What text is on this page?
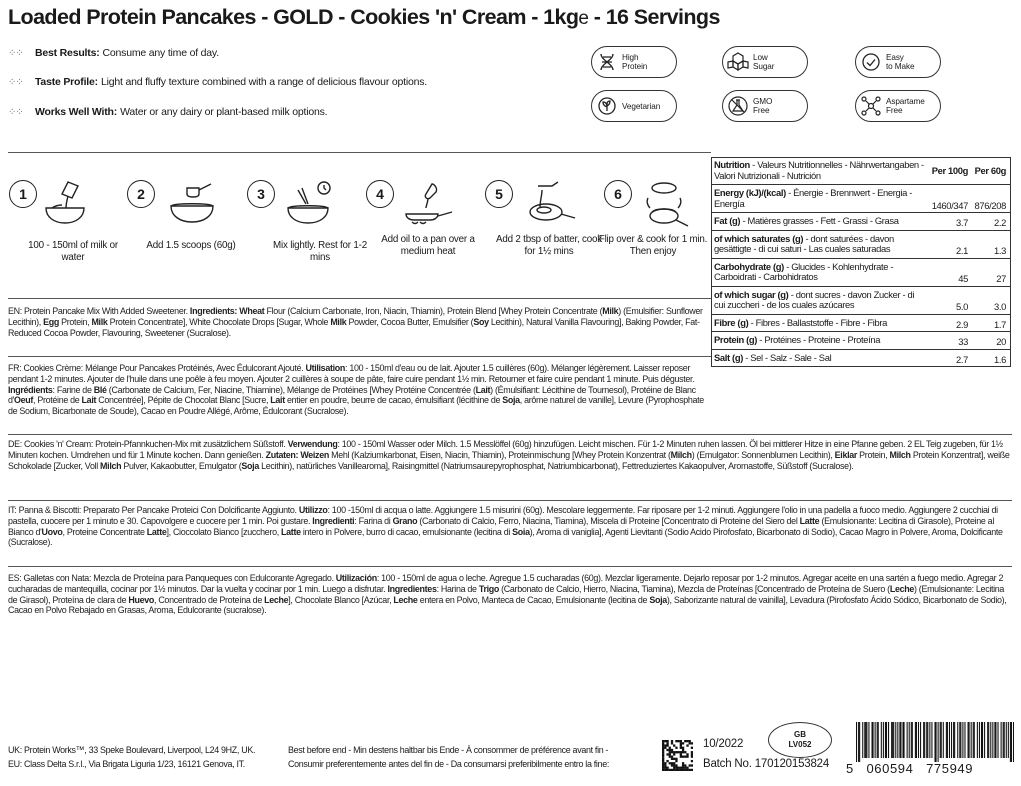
Loaded Protein Pancakes - GOLD - Cookies 'n' Cream - 1kge - 16 Servings
⁘⁘	Best Results: Consume any time of day.
⁘⁘	Taste Profile: Light and fluffy texture combined with a range of delicious flavour options.
⁘⁘	Works Well With: Water or any dairy or plant-based milk options.
High
Protein
Low
Sugar
Easy
to Make
Vegetarian	GMO
Free
Aspartame
Free
1
100 - 150ml of milk or water
2
Add 1.5 scoops (60g)
3
Mix lightly. Rest for 1-2 mins
4
Add oil to a pan over a medium heat
5
Add 2 tbsp of batter, cook for 1½ mins
6
Flip over & cook for 1 min. Then enjoy
EN: Protein Pancake Mix With Added Sweetener. Ingredients: Wheat Flour (Calcium Carbonate, Iron, Niacin, Thiamin), Protein Blend [Whey Protein Concentrate (Milk) (Emulsifier: Sunflower Lecithin), Egg Protein, Milk Protein Concentrate], White Chocolate Drops [Sugar, Whole Milk Powder, Cocoa Butter, Emulsifier (Soy Lecithin), Natural Vanilla Flavouring], Baking Powder, Fat-Reduced Cocoa Powder, Flavouring, Sweetener (Sucralose).
FR: Cookies Crème: Mélange Pour Pancakes Protéinés, Avec Édulcorant Ajouté. Utilisation: 100 - 150ml d'eau ou de lait. Ajouter 1.5 cuillères (60g). Mélanger légèrement. Laisser reposer pendant 1-2 minutes. Ajouter de l'huile dans une poêle à feu moyen. Ajouter 2 cuillères à soupe de pâte, faire cuire pendant 1½ min. Retourner et faire cuire pendant 1 minute. Puis déguster. Ingrédients: Farine de Blé (Carbonate de Calcium, Fer, Niacine, Thiamine), Mélange de Protéines [Whey Protéine Concentrée (Lait) (Émulsifiant: Lécithine de Tournesol), Protéine de Blanc d'Oeuf, Protéine de Lait Concentrée], Pépite de Chocolat Blanc [Sucre, Lait entier en poudre, beurre de cacao, émulsifiant (lécithine de Soja, arôme naturel de vanille], Levure (Pyrophosphate de Sodium, Bicarbonate de Soude), Cacao en Poudre Allégé, Arôme, Édulcorant (Sucralose).
DE: Cookies 'n' Cream: Protein-Pfannkuchen-Mix mit zusätzlichem Süßstoff. Verwendung: 100 - 150ml Wasser oder Milch. 1.5 Messlöffel (60g) hinzufügen. Leicht mischen. Für 1-2 Minuten ruhen lassen. Öl bei mittlerer Hitze in eine Pfanne geben. 2 EL Teig zugeben, für 1½ Minuten kochen. Umdrehen und für 1 Minute kochen. Dann genießen. Zutaten: Weizen Mehl (Kalziumkarbonat, Eisen, Niacin, Thiamin), Proteinmischung [Whey Protein Konzentrat (Milch) (Emulgator: Sonnenblumen Lecithin), Eiklar Protein, Milch Protein Konzentrat], weiße Schokolade [Zucker, Voll Milch Pulver, Kakaobutter, Emulgator (Soja Lecithin), natürliches Vanillearoma], Raisingmittel (Natriumsaurepyrophosphat, Natriumbicarbonat), Fettreduziertes Kakaopulver, Aromastoffe, Süßstoff (Sucralose).
IT: Panna & Biscotti: Preparato Per Pancake Proteici Con Dolcificante Aggiunto. Utilizzo: 100 -150ml di acqua o latte. Aggiungere 1.5 misurini (60g). Mescolare leggermente. Far riposare per 1-2 minuti. Aggiungere l'olio in una padella a fuoco medio. Aggiungere 2 cucchiai di pastella, cuocere per 1 minuto e 30. Capovolgere e cuocere per 1 min. Poi gustare. Ingredienti: Farina di Grano (Carbonato di Calcio, Ferro, Niacina, Tiamina), Miscela di Proteine [Concentrato di Proteine del Siero del Latte (Emulsionante: Lecitina di Girasole), Proteine al Bianco d'Uovo, Proteine Concentrate Latte], Cioccolato Bianco [zucchero, Latte intero in Polvere, burro di cacao, emulsionante (lecitina di Soia), Aroma di vaniglia], Agenti Lievitanti (Sodio Acido Pirofosfato, Bicarbonato di Sodio), Cacao Magro in Polvere, Aroma, Dolcificante (Sucralose).
ES: Galletas con Nata: Mezcla de Proteína para Panqueques con Edulcorante Agregado. Utilización: 100 - 150ml de agua o leche. Agregue 1.5 cucharadas (60g). Mezclar ligeramente. Dejarlo reposar por 1-2 minutos. Agregar aceite en una sartén a fuego medio. Agregar 2 cucharadas de mantequilla, cocinar por 1½ minutos. Dar la vuelta y cocinar por 1 min. Luego a disfrutar. Ingredientes: Harina de Trigo (Carbonato de Calcio, Hierro, Niacina, Tiamina), Mezcla de Proteínas [Concentrado de Proteína de Suero (Leche) (Emulsionante: Lecitina de Girasol), Proteína de clara de Huevo, Concentrado de Proteína de Leche], Chocolate Blanco [Azúcar, Leche entera en Polvo, Manteca de Cacao, Emulsionante (lecitina de Soja), Saborizante natural de vainilla], Levadura (Pirofosfato Ácido Sódico, Bicarbonato de Sodio), Cacao en Polvo Rebajado en Grasas, Aroma, Edulcorante (sucralose).
Nutrition - Valeurs Nutritionnelles - Nährwertangaben - Valori Nutrizionali - Nutrición	Per 100g	Per 60g
Energy (kJ)/(kcal) - Énergie - Brennwert - Energia - Energía	1460/347	876/208
Fat (g) - Matières grasses - Fett - Grassi - Grasa	3.7	2.2
of which saturates (g) - dont saturées - davon gesättigte - di cui saturi - Las cuales saturadas	2.1	1.3
Carbohydrate (g) - Glucides - Kohlenhydrate - Carboidrati - Carbohidratos	45	27
of which sugar (g) - dont sucres - davon Zucker - di cui zuccheri - de los cuales azúcares	5.0	3.0
Fibre (g) - Fibres - Ballaststoffe - Fibre - Fibra	2.9	1.7
Protein (g) - Protéines - Proteine - Proteína	33	20
Salt (g) - Sel - Salz - Sale - Sal	2.7	1.6
UK: Protein Works™, 33 Speke Boulevard, Liverpool, L24 9HZ, UK.
EU: Class Delta S.r.l., Via Brigata Liguria 1/23, 16121 Genova, IT.
Best before end - Min destens haltbar bis Ende - À consommer de préférence avant fin -
Consumir preferentemente antes del fin de - Da consumarsi preferibilmente entro la fine:
10/2022
Batch No. 170120153824
GB
LV052
5   060594   775949
